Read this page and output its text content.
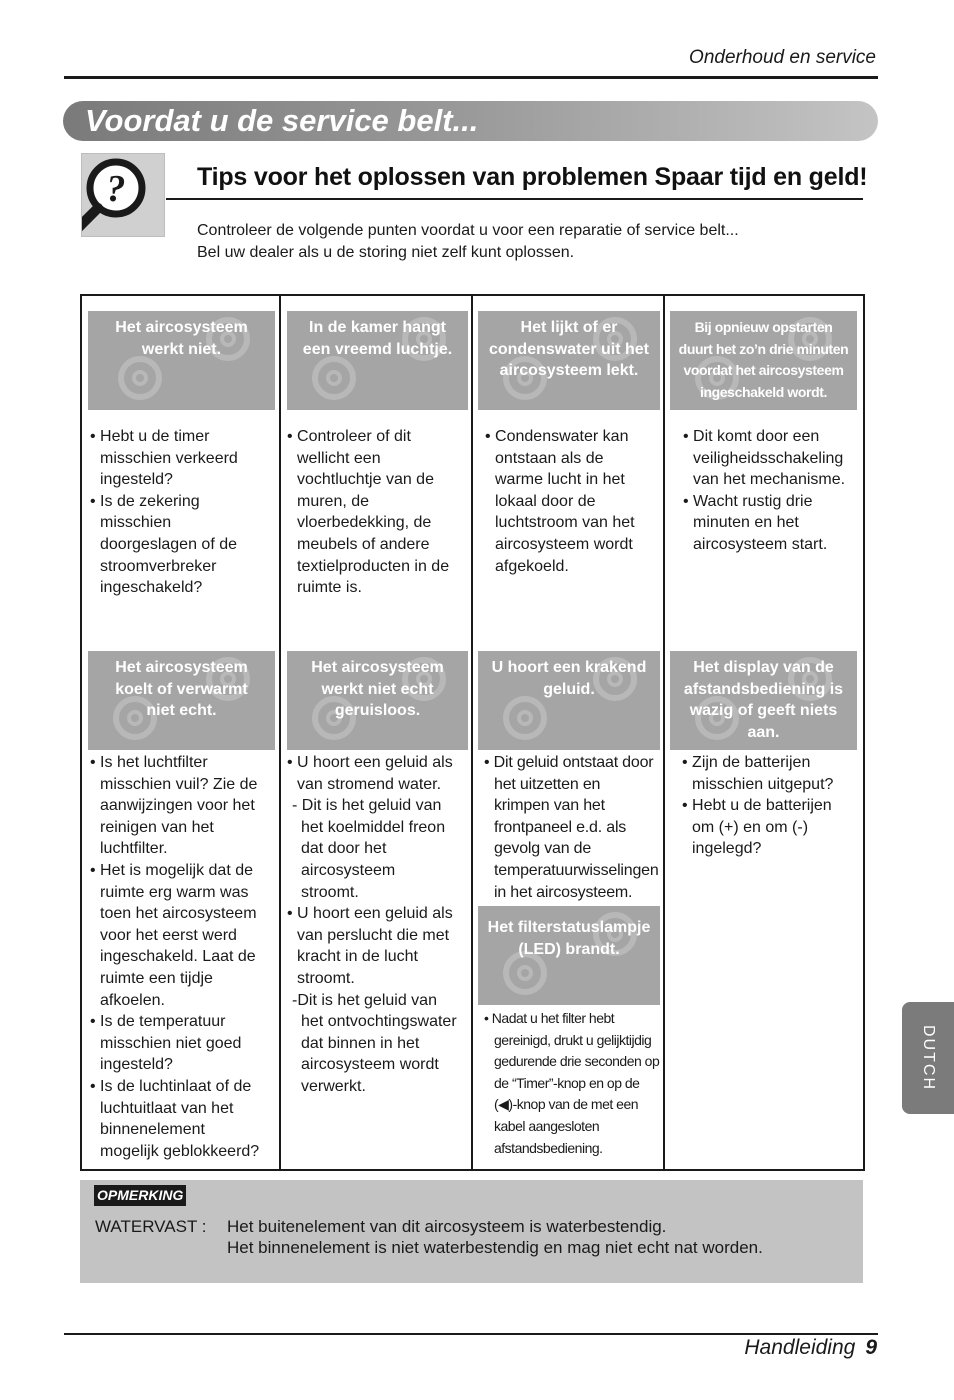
Onderhoud en service
Voordat u de service belt...
?	Tips voor het oplossen van problemen Spaar tijd en geld!
Controleer de volgende punten voordat u voor een reparatie of service belt...
Bel uw dealer als u de storing niet zelf kunt oplossen.
Het aircosysteem
werkt niet.
In de kamer hangt
een vreemd luchtje.
Het lijkt of er
condenswater uit het
aircosysteem lekt.
Bij opnieuw opstarten
duurt het zo’n drie minuten
voordat het aircosysteem
ingeschakeld wordt.
• Hebt u de timer
misschien verkeerd
ingesteld?
• Is de zekering
misschien
doorgeslagen of de
stroomverbreker
ingeschakeld?
• Controleer of dit
wellicht een
vochtluchtje van de
muren, de
vloerbedekking, de
meubels of andere
textielproducten in de
ruimte is.
• Condenswater kan
ontstaan als de
warme lucht in het
lokaal door de
luchtstroom van het
aircosysteem wordt
afgekoeld.
• Dit komt door een
veiligheidsschakeling
van het mechanisme.
• Wacht rustig drie
minuten en het
aircosysteem start.
Het aircosysteem
koelt of verwarmt
niet echt.
Het aircosysteem
werkt niet echt
geruisloos.
U hoort een krakend
geluid.
Het display van de
afstandsbediening is
wazig of geeft niets
aan.
• Is het luchtfilter
misschien vuil? Zie de
aanwijzingen voor het
reinigen van het
luchtfilter.
• Het is mogelijk dat de
ruimte erg warm was
toen het aircosysteem
voor het eerst werd
ingeschakeld. Laat de
ruimte een tijdje
afkoelen.
• Is de temperatuur
misschien niet goed
ingesteld?
• Is de luchtinlaat of de
luchtuitlaat van het
binnenelement
mogelijk geblokkeerd?
• U hoort een geluid als
van stromend water.
- Dit is het geluid van
het koelmiddel freon
dat door het
aircosysteem
stroomt.
• U hoort een geluid als
van perslucht die met
kracht in de lucht
stroomt.
-Dit is het geluid van
het ontvochtingswater
dat binnen in het
aircosysteem wordt
verwerkt.
• Dit geluid ontstaat door
het uitzetten en
krimpen van het
frontpaneel e.d. als
gevolg van de
temperatuurwisselingen
in het aircosysteem.
Het filterstatuslampje
(LED) brandt.
• Nadat u het filter hebt
gereinigd, drukt u gelijktijdig
gedurende drie seconden op
de “Timer”-knop en op de
(◀)-knop van de met een
kabel aangesloten
afstandsbediening.
• Zijn de batterijen
misschien uitgeput?
• Hebt u de batterijen
om (+) en om (-)
ingelegd?
OPMERKING
WATERVAST : Het buitenelement van dit aircosysteem is waterbestendig.
Het binnenelement is niet waterbestendig en mag niet echt nat worden.
Handleiding 9
DUTCH
